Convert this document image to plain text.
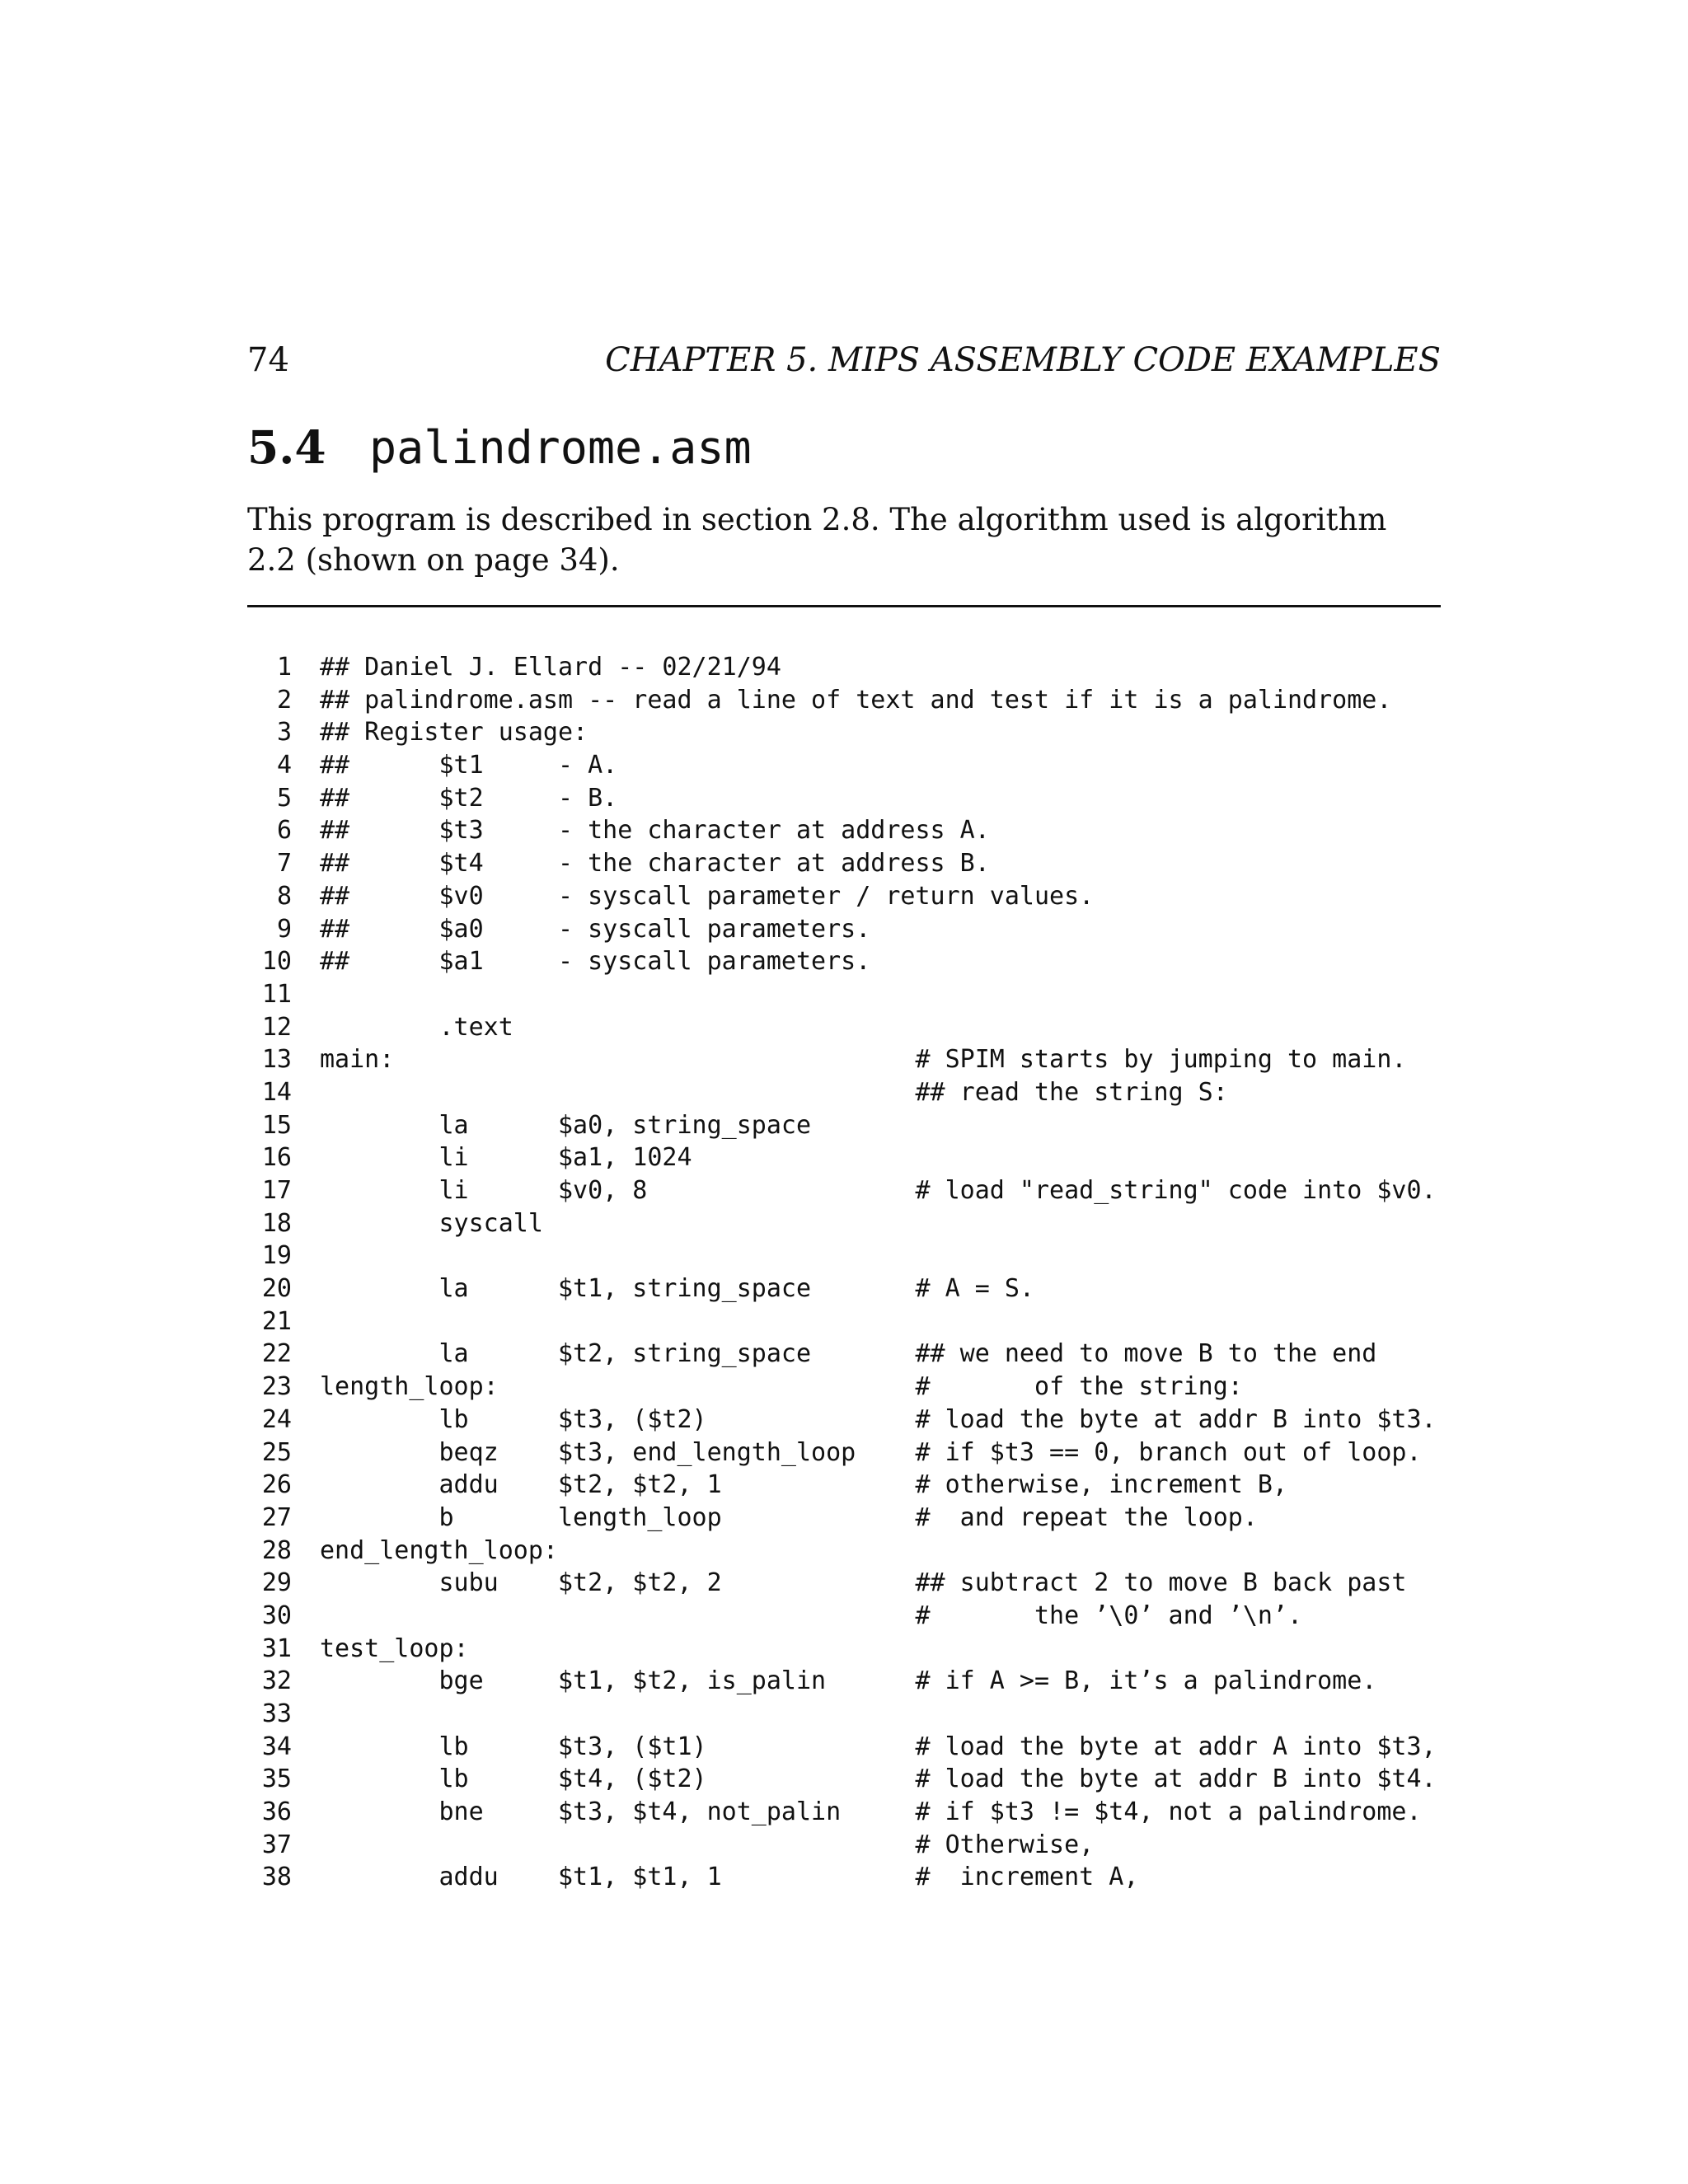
74	CHAPTER 5. MIPS ASSEMBLY CODE EXAMPLES
5.4 palindrome.asm

This program is described in section 2.8. The algorithm used is algorithm 2.2 (shown on page 34).

1	## Daniel J. Ellard -- 02/21/94
2	## palindrome.asm -- read a line of text and test if it is a palindrome.
3	## Register usage:
4	##      $t1     - A.
5	##      $t2     - B.
6	##      $t3     - the character at address A.
7	##      $t4     - the character at address B.
8	##      $v0     - syscall parameter / return values.
9	##      $a0     - syscall parameters.
10	##      $a1     - syscall parameters.
11
12	.text
13	main:                                   # SPIM starts by jumping to main.
14	## read the string S:
15	la      $a0, string_space
16	li      $a1, 1024
17	li      $v0, 8                  # load "read_string" code into $v0.
18	syscall
19
20	la      $t1, string_space       # A = S.
21
22	la      $t2, string_space       ## we need to move B to the end
23	length_loop:                            #       of the string:
24	lb      $t3, ($t2)              # load the byte at addr B into $t3.
25	beqz    $t3, end_length_loop    # if $t3 == 0, branch out of loop.
26	addu    $t2, $t2, 1             # otherwise, increment B,
27	b       length_loop             #  and repeat the loop.
28	end_length_loop:
29	subu    $t2, $t2, 2             ## subtract 2 to move B back past
30	#       the ’\0’ and ’\n’.
31	test_loop:
32	bge     $t1, $t2, is_palin      # if A >= B, it’s a palindrome.
33
34	lb      $t3, ($t1)              # load the byte at addr A into $t3,
35	lb      $t4, ($t2)              # load the byte at addr B into $t4.
36	bne     $t3, $t4, not_palin     # if $t3 != $t4, not a palindrome.
37	# Otherwise,
38	addu    $t1, $t1, 1             #  increment A,
